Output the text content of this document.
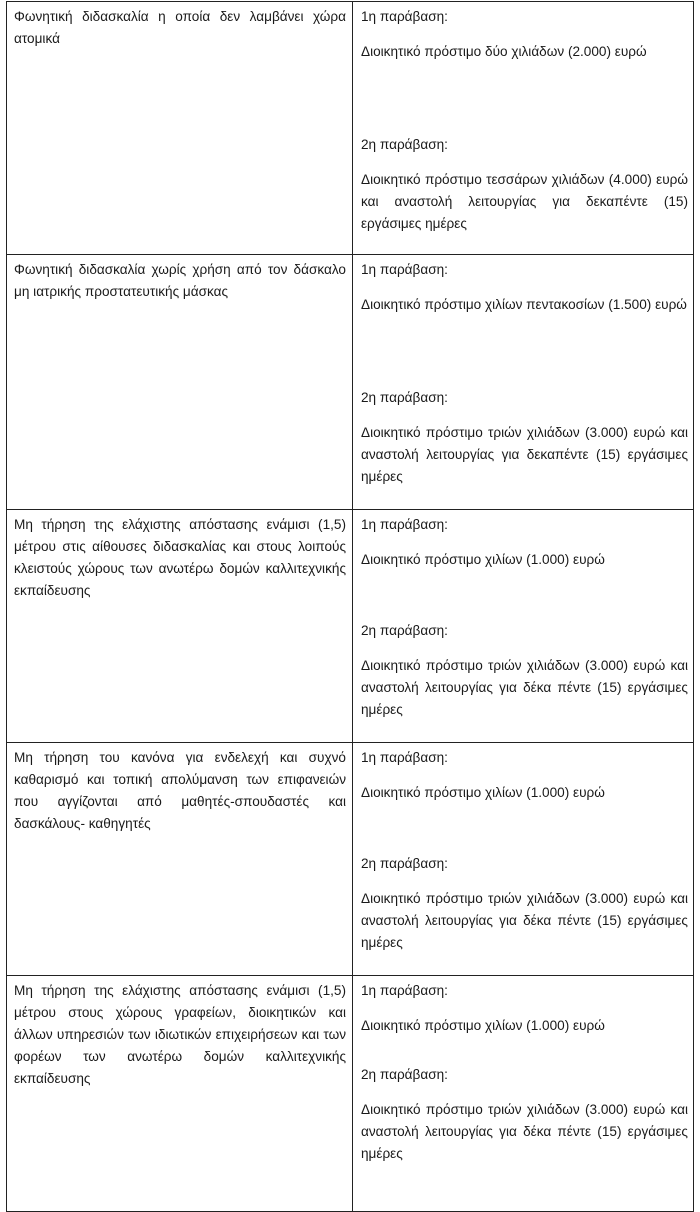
Φωνητική διδασκαλία η οποία δεν λαμβάνει χώρα ατομικά	1η παράβαση:
Διοικητικό πρόστιμο δύο χιλιάδων (2.000) ευρώ
2η παράβαση:
Διοικητικό πρόστιμο τεσσάρων χιλιάδων (4.000) ευρώ και αναστολή λειτουργίας για δεκαπέντε (15) εργάσιμες ημέρες

Φωνητική διδασκαλία χωρίς χρήση από τον δάσκαλο μη ιατρικής προστατευτικής μάσκας	1η παράβαση:
Διοικητικό πρόστιμο χιλίων πεντακοσίων (1.500) ευρώ
2η παράβαση:
Διοικητικό πρόστιμο τριών χιλιάδων (3.000) ευρώ και αναστολή λειτουργίας για δεκαπέντε (15) εργάσιμες ημέρες

Μη τήρηση της ελάχιστης απόστασης ενάμισι (1,5) μέτρου στις αίθουσες διδασκαλίας και στους λοιπούς κλειστούς χώρους των ανωτέρω δομών καλλιτεχνικής εκπαίδευσης	1η παράβαση:
Διοικητικό πρόστιμο χιλίων (1.000) ευρώ
2η παράβαση:
Διοικητικό πρόστιμο τριών χιλιάδων (3.000) ευρώ και αναστολή λειτουργίας για δέκα πέντε (15) εργάσιμες ημέρες

Μη τήρηση του κανόνα για ενδελεχή και συχνό καθαρισμό και τοπική απολύμανση των επιφανειών που αγγίζονται από μαθητές-σπουδαστές και δασκάλους- καθηγητές	1η παράβαση:
Διοικητικό πρόστιμο χιλίων (1.000) ευρώ
2η παράβαση:
Διοικητικό πρόστιμο τριών χιλιάδων (3.000) ευρώ και αναστολή λειτουργίας για δέκα πέντε (15) εργάσιμες ημέρες

Μη τήρηση της ελάχιστης απόστασης ενάμισι (1,5) μέτρου στους χώρους γραφείων, διοικητικών και άλλων υπηρεσιών των ιδιωτικών επιχειρήσεων και των φορέων των ανωτέρω δομών καλλιτεχνικής εκπαίδευσης	1η παράβαση:
Διοικητικό πρόστιμο χιλίων (1.000) ευρώ
2η παράβαση:
Διοικητικό πρόστιμο τριών χιλιάδων (3.000) ευρώ και αναστολή λειτουργίας για δέκα πέντε (15) εργάσιμες ημέρες
